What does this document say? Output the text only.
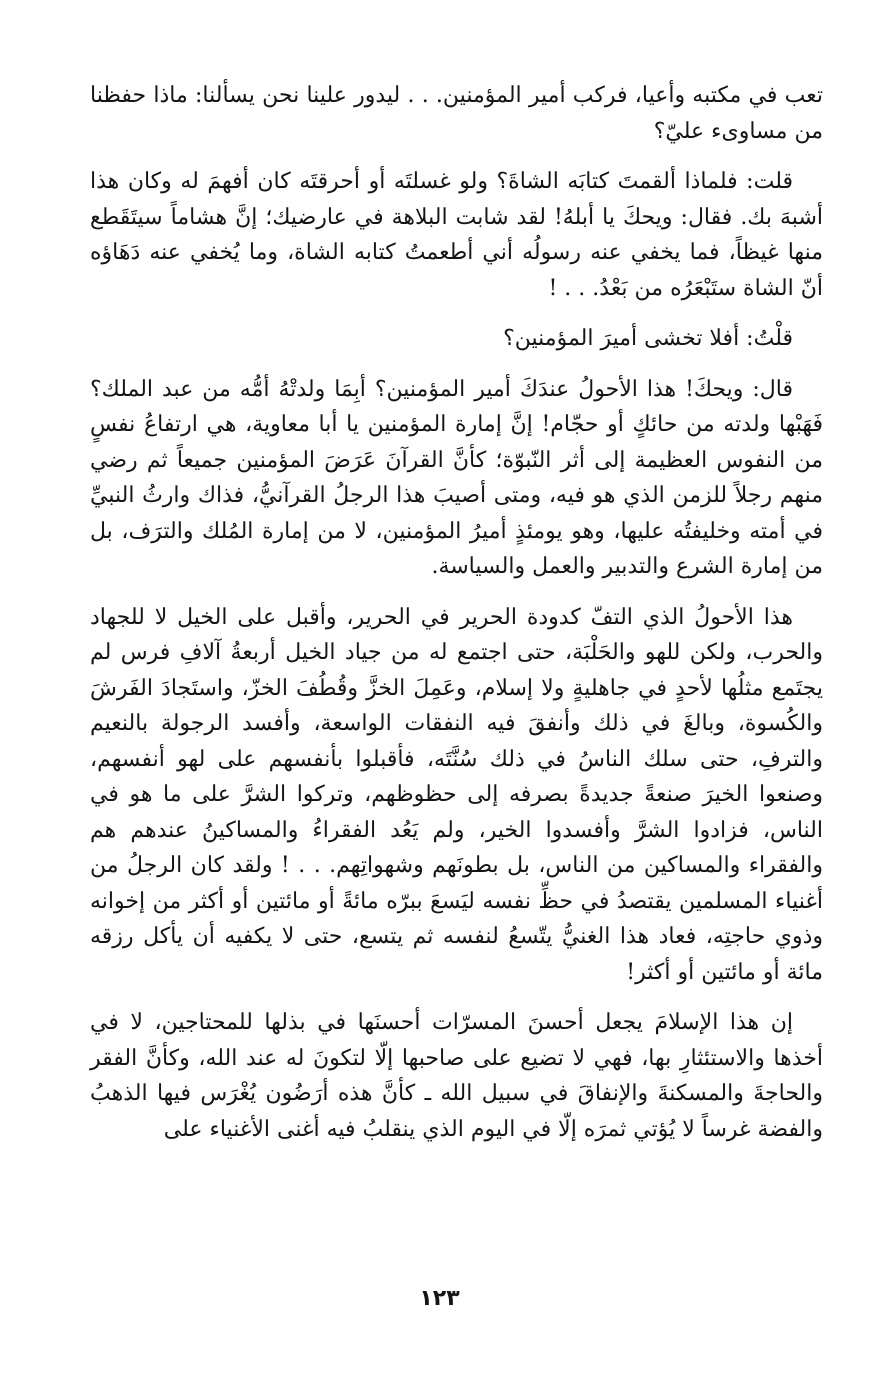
تعب في مكتبه وأعيا، فركب أمير المؤمنين. . . ليدور علينا نحن يسألنا: ماذا حفظنا من مساوىء عليّ؟

قلت: فلماذا ألقمتَ كتابَه الشاةَ؟ ولو غسلتَه أو أحرقتَه كان أفهمَ له وكان هذا أشبهَ بك. فقال: ويحكَ يا أبلهُ! لقد شابت البلاهة في عارضيك؛ إنَّ هشاماً سيتَقَطع منها غيظاً، فما يخفي عنه رسولُه أني أطعمتُ كتابه الشاة، وما يُخفي عنه دَهَاؤه أنّ الشاة ستَبْعَرُه من بَعْدُ. . . !

قلْتُ: أفلا تخشى أميرَ المؤمنين؟

قال: ويحكَ! هذا الأحولُ عندَكَ أمير المؤمنين؟ أبِمَا ولدتْهُ أمُّه من عبد الملك؟ فَهَبْها ولدته من حائكٍ أو حجّام! إنَّ إمارة المؤمنين يا أبا معاوية، هي ارتفاعُ نفسٍ من النفوس العظيمة إلى أثر النّبوّة؛ كأنَّ القرآنَ عَرَضَ المؤمنين جميعاً ثم رضي منهم رجلاً للزمن الذي هو فيه، ومتى أصيبَ هذا الرجلُ القرآنيُّ، فذاك وارثُ النبيِّ في أمته وخليفتُه عليها، وهو يومئذٍ أميرُ المؤمنين، لا من إمارة المُلك والترَف، بل من إمارة الشرع والتدبير والعمل والسياسة.

هذا الأحولُ الذي التفّ كدودة الحرير في الحرير، وأقبل على الخيل لا للجهاد والحرب، ولكن للهو والحَلْبَة، حتى اجتمع له من جياد الخيل أربعةُ آلافِ فرس لم يجتَمع مثلُها لأحدٍ في جاهليةٍ ولا إسلام، وعَمِلَ الخزَّ وقُطُفَ الخزّ، واستَجادَ الفَرشَ والكُسوة، وبالغَ في ذلك وأنفقَ فيه النفقات الواسعة، وأفسد الرجولة بالنعيم والترفِ، حتى سلك الناسُ في ذلك سُنَّتَه، فأقبلوا بأنفسهم على لهو أنفسهم، وصنعوا الخيرَ صنعةً جديدةً بصرفه إلى حظوظهم، وتركوا الشرَّ على ما هو في الناس، فزادوا الشرَّ وأفسدوا الخير، ولم يَعُد الفقراءُ والمساكينُ عندهم هم والفقراء والمساكين من الناس، بل بطونَهم وشهواتِهم. . . ! ولقد كان الرجلُ من أغنياء المسلمين يقتصدُ في حظِّ نفسه ليَسعَ ببرّه مائةً أو مائتين أو أكثر من إخوانه وذوي حاجتِه، فعاد هذا الغنيُّ يتّسعُ لنفسه ثم يتسع، حتى لا يكفيه أن يأكل رزقه مائة أو مائتين أو أكثر!

إن هذا الإسلامَ يجعل أحسنَ المسرّات أحسنَها في بذلها للمحتاجين، لا في أخذها والاستئثارِ بها، فهي لا تضيع على صاحبها إلّا لتكونَ له عند الله، وكأنَّ الفقر والحاجةَ والمسكنةَ والإنفاقَ في سبيل الله ـ كأنَّ هذه أرَضُون يُغْرَس فيها الذهبُ والفضة غرساً لا يُؤتي ثمرَه إلّا في اليوم الذي ينقلبُ فيه أغنى الأغنياء على

١٢٣
